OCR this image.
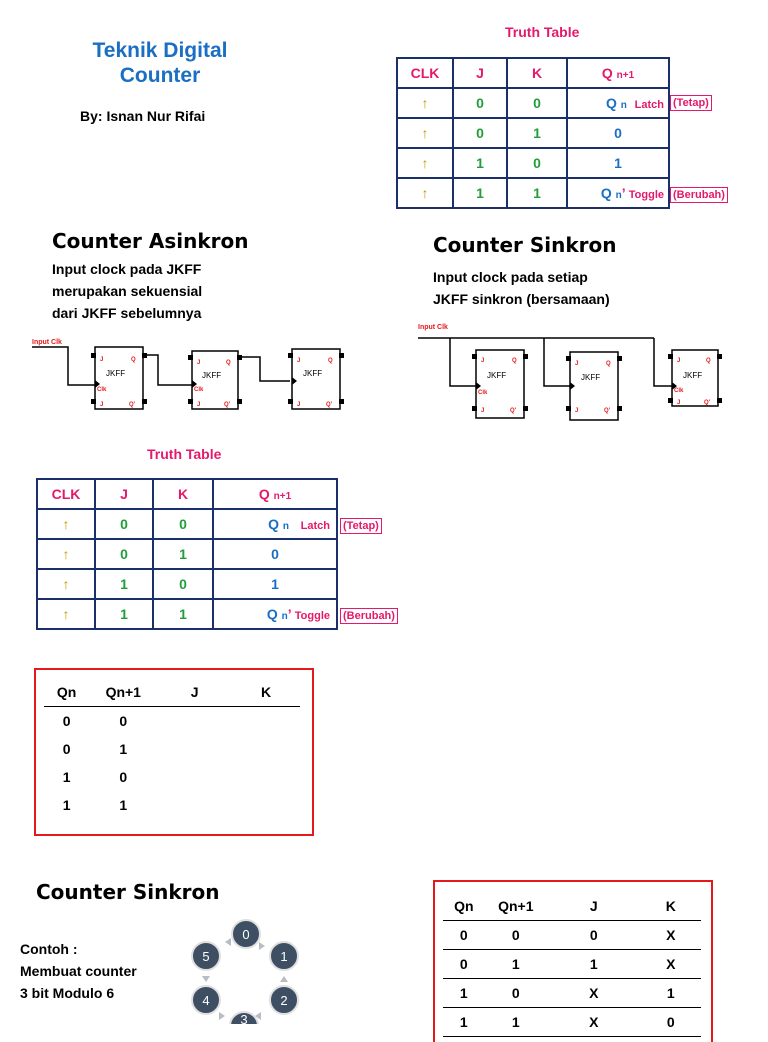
Teknik Digital
Counter
By: Isnan Nur Rifai
Truth Table
CLK	J	K	Q n+1
↑	0	0	Q n Latch
↑	0	1	0
↑	1	0	1
↑	1	1	Q n’ Toggle
(Tetap)
(Berubah)
Counter Asinkron
Input clock pada JKFF
merupakan sekuensial
dari JKFF sebelumnya
Input Clk
J	Q
JKFF
Clk
J	Q'
J	Q
JKFF
Clk
J	Q'
J	Q
JKFF
J	Q'
Counter Sinkron
Input clock pada setiap
JKFF sinkron (bersamaan)
Input Clk
J	Q
JKFF
Clk
J	Q'
J	Q
JKFF
J	Q'
J	Q
JKFF
Clk
J	Q'
Truth Table
CLK	J	K	Q n+1
↑	0	0	Q n Latch
↑	0	1	0
↑	1	0	1
↑	1	1	Q n’ Toggle
(Tetap)
(Berubah)
Qn	Qn+1	J	K
0	0		
0	1		
1	0		
1	1		
Counter Sinkron
Contoh :
Membuat counter
3 bit Modulo 6
0
1
2
3
4
5
Qn	Qn+1	J	K
0	0	0	X
0	1	1	X
1	0	X	1
1	1	X	0
